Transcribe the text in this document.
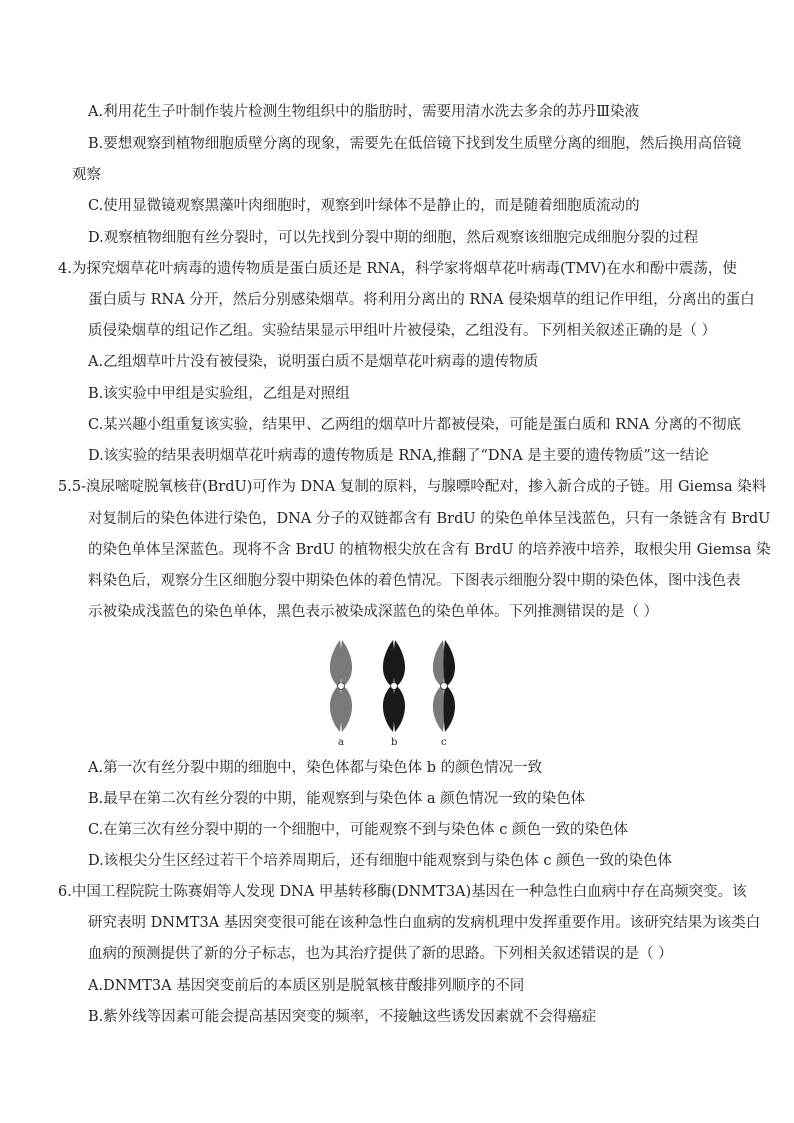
A.利用花生子叶制作装片检测生物组织中的脂肪时，需要用清水洗去多余的苏丹Ⅲ染液
B.要想观察到植物细胞质壁分离的现象，需要先在低倍镜下找到发生质壁分离的细胞，然后换用高倍镜
观察
C.使用显微镜观察黑藻叶肉细胞时，观察到叶绿体不是静止的，而是随着细胞质流动的
D.观察植物细胞有丝分裂时，可以先找到分裂中期的细胞，然后观察该细胞完成细胞分裂的过程
4.为探究烟草花叶病毒的遗传物质是蛋白质还是 RNA，科学家将烟草花叶病毒(TMV)在水和酚中震荡，使
蛋白质与 RNA 分开，然后分别感染烟草。将利用分离出的 RNA 侵染烟草的组记作甲组，分离出的蛋白
质侵染烟草的组记作乙组。实验结果显示甲组叶片被侵染，乙组没有。下列相关叙述正确的是（ ）
A.乙组烟草叶片没有被侵染，说明蛋白质不是烟草花叶病毒的遗传物质
B.该实验中甲组是实验组，乙组是对照组
C.某兴趣小组重复该实验，结果甲、乙两组的烟草叶片都被侵染，可能是蛋白质和 RNA 分离的不彻底
D.该实验的结果表明烟草花叶病毒的遗传物质是 RNA,推翻了“DNA 是主要的遗传物质”这一结论
5.5-溴尿嘧啶脱氧核苷(BrdU)可作为 DNA 复制的原料，与腺嘌呤配对，掺入新合成的子链。用 Giemsa 染料
对复制后的染色体进行染色，DNA 分子的双链都含有 BrdU 的染色单体呈浅蓝色，只有一条链含有 BrdU
的染色单体呈深蓝色。现将不含 BrdU 的植物根尖放在含有 BrdU 的培养液中培养，取根尖用 Giemsa 染
料染色后，观察分生区细胞分裂中期染色体的着色情况。下图表示细胞分裂中期的染色体，图中浅色表
示被染成浅蓝色的染色单体，黑色表示被染成深蓝色的染色单体。下列推测错误的是（ ）
a	b	c
A.第一次有丝分裂中期的细胞中，染色体都与染色体 b 的颜色情况一致
B.最早在第二次有丝分裂的中期，能观察到与染色体 a 颜色情况一致的染色体
C.在第三次有丝分裂中期的一个细胞中，可能观察不到与染色体 c 颜色一致的染色体
D.该根尖分生区经过若干个培养周期后，还有细胞中能观察到与染色体 c 颜色一致的染色体
6.中国工程院院士陈赛娟等人发现 DNA 甲基转移酶(DNMT3A)基因在一种急性白血病中存在高频突变。该
研究表明 DNMT3A 基因突变很可能在该种急性白血病的发病机理中发挥重要作用。该研究结果为该类白
血病的预测提供了新的分子标志，也为其治疗提供了新的思路。下列相关叙述错误的是（ ）
A.DNMT3A 基因突变前后的本质区别是脱氧核苷酸排列顺序的不同
B.紫外线等因素可能会提高基因突变的频率，不接触这些诱发因素就不会得癌症
